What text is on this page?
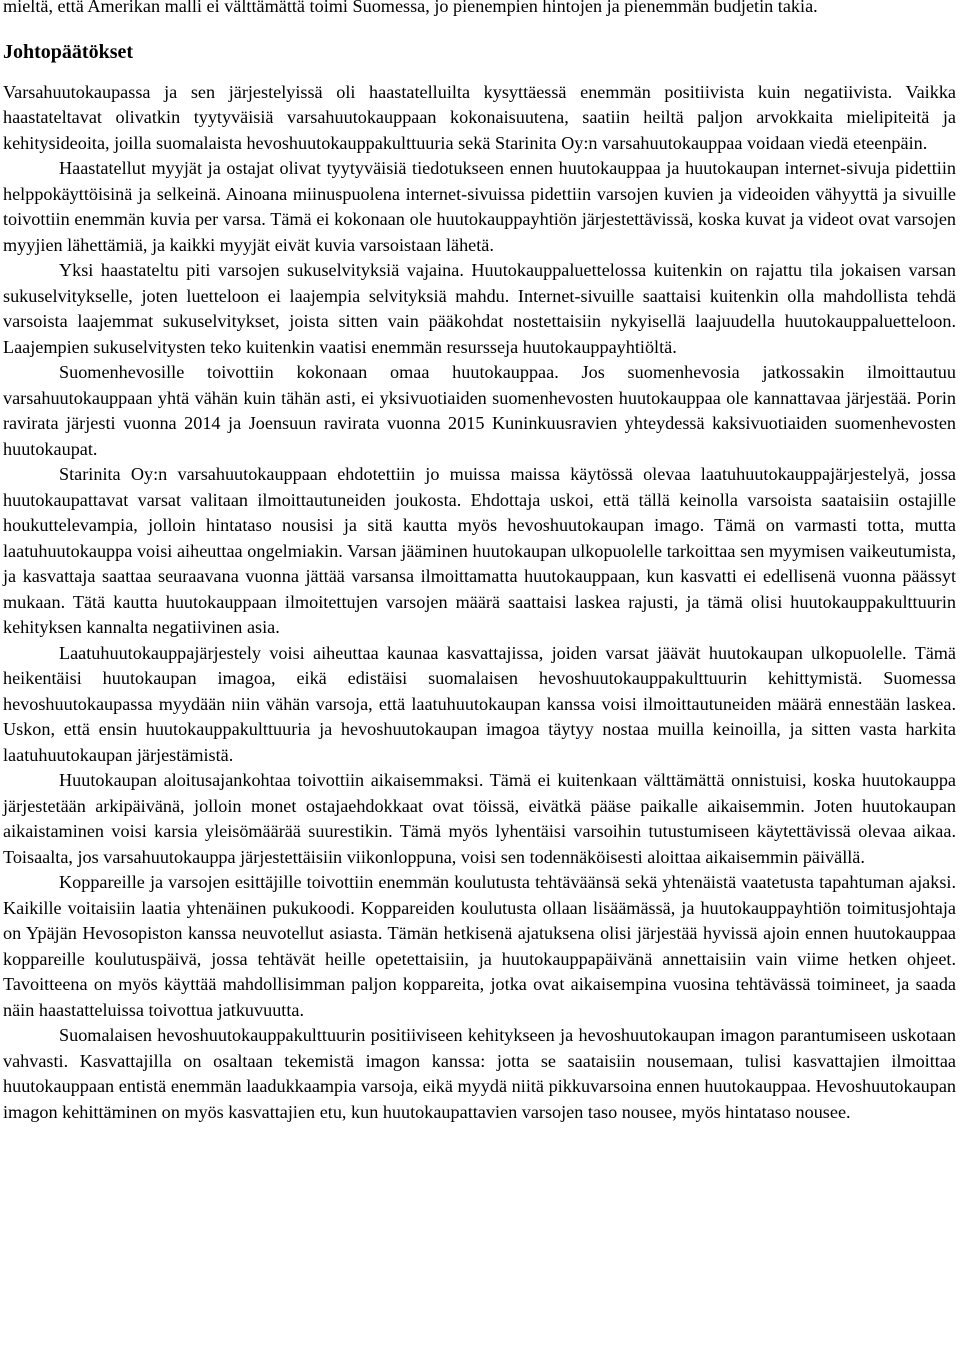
mieltä, että Amerikan malli ei välttämättä toimi Suomessa, jo pienempien hintojen ja pienemmän budjetin takia.

Johtopäätökset

Varsahuutokaupassa ja sen järjestelyissä oli haastatelluilta kysyttäessä enemmän positiivista kuin negatiivista. Vaikka haastateltavat olivatkin tyytyväisiä varsahuutokauppaan kokonaisuutena, saatiin heiltä paljon arvokkaita mielipiteitä ja kehitysideoita, joilla suomalaista hevoshuutokauppakulttuuria sekä Starinita Oy:n varsahuutokauppaa voidaan viedä eteenpäin.

Haastatellut myyjät ja ostajat olivat tyytyväisiä tiedotukseen ennen huutokauppaa ja huutokaupan internet-sivuja pidettiin helppokäyttöisinä ja selkeinä. Ainoana miinuspuolena internet-sivuissa pidettiin varsojen kuvien ja videoiden vähyyttä ja sivuille toivottiin enemmän kuvia per varsa. Tämä ei kokonaan ole huutokauppayhtiön järjestettävissä, koska kuvat ja videot ovat varsojen myyjien lähettämiä, ja kaikki myyjät eivät kuvia varsoistaan lähetä.

Yksi haastateltu piti varsojen sukuselvityksiä vajaina. Huutokauppaluettelossa kuitenkin on rajattu tila jokaisen varsan sukuselvitykselle, joten luetteloon ei laajempia selvityksiä mahdu. Internet-sivuille saattaisi kuitenkin olla mahdollista tehdä varsoista laajemmat sukuselvitykset, joista sitten vain pääkohdat nostettaisiin nykyisellä laajuudella huutokauppaluetteloon. Laajempien sukuselvitysten teko kuitenkin vaatisi enemmän resursseja huutokauppayhtiöltä.

Suomenhevosille toivottiin kokonaan omaa huutokauppaa. Jos suomenhevosia jatkossakin ilmoittautuu varsahuutokauppaan yhtä vähän kuin tähän asti, ei yksivuotiaiden suomenhevosten huutokauppaa ole kannattavaa järjestää. Porin ravirata järjesti vuonna 2014 ja Joensuun ravirata vuonna 2015 Kuninkuusravien yhteydessä kaksivuotiaiden suomenhevosten huutokaupat.

Starinita Oy:n varsahuutokauppaan ehdotettiin jo muissa maissa käytössä olevaa laatuhuutokauppajärjestelyä, jossa huutokaupattavat varsat valitaan ilmoittautuneiden joukosta. Ehdottaja uskoi, että tällä keinolla varsoista saataisiin ostajille houkuttelevampia, jolloin hintataso nousisi ja sitä kautta myös hevoshuutokaupan imago. Tämä on varmasti totta, mutta laatuhuutokauppa voisi aiheuttaa ongelmiakin. Varsan jääminen huutokaupan ulkopuolelle tarkoittaa sen myymisen vaikeutumista, ja kasvattaja saattaa seuraavana vuonna jättää varsansa ilmoittamatta huutokauppaan, kun kasvatti ei edellisenä vuonna päässyt mukaan. Tätä kautta huutokauppaan ilmoitettujen varsojen määrä saattaisi laskea rajusti, ja tämä olisi huutokauppakulttuurin kehityksen kannalta negatiivinen asia.

Laatuhuutokauppajärjestely voisi aiheuttaa kaunaa kasvattajissa, joiden varsat jäävät huutokaupan ulkopuolelle. Tämä heikentäisi huutokaupan imagoa, eikä edistäisi suomalaisen hevoshuutokauppakulttuurin kehittymistä. Suomessa hevoshuutokaupassa myydään niin vähän varsoja, että laatuhuutokaupan kanssa voisi ilmoittautuneiden määrä ennestään laskea. Uskon, että ensin huutokauppakulttuuria ja hevoshuutokaupan imagoa täytyy nostaa muilla keinoilla, ja sitten vasta harkita laatuhuutokaupan järjestämistä.

Huutokaupan aloitusajankohtaa toivottiin aikaisemmaksi. Tämä ei kuitenkaan välttämättä onnistuisi, koska huutokauppa järjestetään arkipäivänä, jolloin monet ostajaehdokkaat ovat töissä, eivätkä pääse paikalle aikaisemmin. Joten huutokaupan aikaistaminen voisi karsia yleisömäärää suurestikin. Tämä myös lyhentäisi varsoihin tutustumiseen käytettävissä olevaa aikaa. Toisaalta, jos varsahuutokauppa järjestettäisiin viikonloppuna, voisi sen todennäköisesti aloittaa aikaisemmin päivällä.

Koppareille ja varsojen esittäjille toivottiin enemmän koulutusta tehtäväänsä sekä yhtenäistä vaatetusta tapahtuman ajaksi. Kaikille voitaisiin laatia yhtenäinen pukukoodi. Koppareiden koulutusta ollaan lisäämässä, ja huutokauppayhtiön toimitusjohtaja on Ypäjän Hevosopiston kanssa neuvotellut asiasta. Tämän hetkisenä ajatuksena olisi järjestää hyvissä ajoin ennen huutokauppaa koppareille koulutuspäivä, jossa tehtävät heille opetettaisiin, ja huutokauppapäivänä annettaisiin vain viime hetken ohjeet. Tavoitteena on myös käyttää mahdollisimman paljon koppareita, jotka ovat aikaisempina vuosina tehtävässä toimineet, ja saada näin haastatteluissa toivottua jatkuvuutta.

Suomalaisen hevoshuutokauppakulttuurin positiiviseen kehitykseen ja hevoshuutokaupan imagon parantumiseen uskotaan vahvasti. Kasvattajilla on osaltaan tekemistä imagon kanssa: jotta se saataisiin nousemaan, tulisi kasvattajien ilmoittaa huutokauppaan entistä enemmän laadukkaampia varsoja, eikä myydä niitä pikkuvarsoina ennen huutokauppaa. Hevoshuutokaupan imagon kehittäminen on myös kasvattajien etu, kun huutokaupattavien varsojen taso nousee, myös hintataso nousee.
